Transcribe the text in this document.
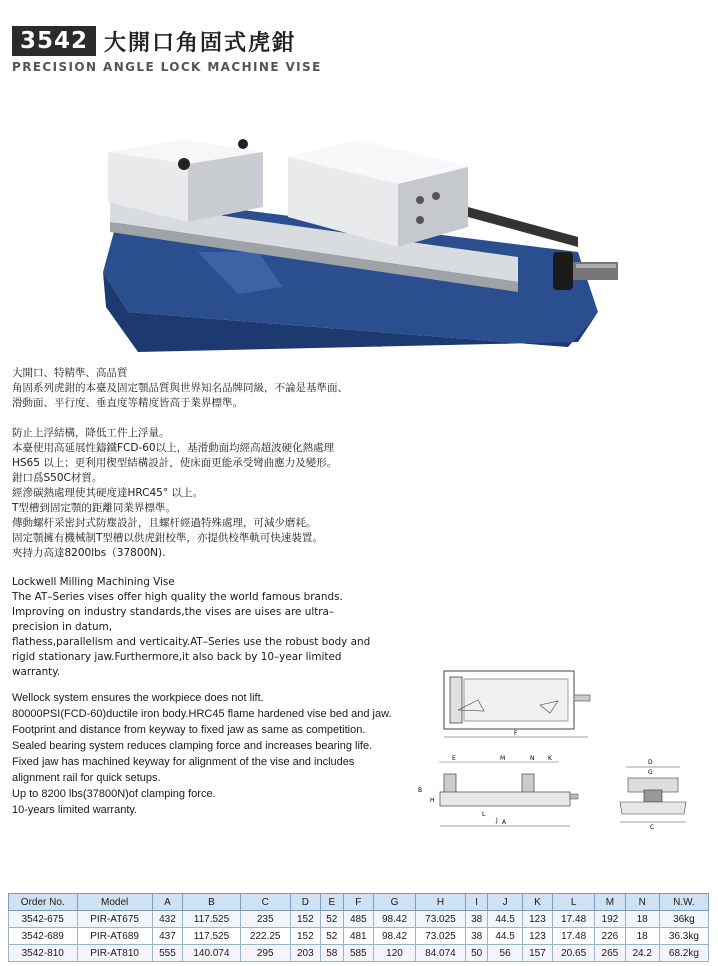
3542 大開口角固式虎鉗
PRECISION ANGLE LOCK MACHINE VISE
大開口、特精準、高品質
角固系列虎鉗的本臺及固定顎品質與世界知名品牌同級，不論是基準面、
滑動面、平行度、垂直度等精度皆高于業界標準。
防止上浮結構，降低工件上浮量。
本臺使用高延展性鑄鐵FCD-60以上，基滑動面均經高超波硬化熱處理
HS65 以上；更利用楔型結構設計，使床面更能承受彎曲應力及變形。
鉗口爲S50C材質。
經滲碳熱處理使其硬度達HRC45° 以上。
T型槽到固定顎的距離同業界標準。
傳動螺杆采密封式防塵設計，且螺杆經過特殊處理，可減少磨耗。
固定顎擁有機械制T型槽以供虎鉗校準，亦提供校準軌可快速裝置。
夾持力高達8200lbs（37800N).
Lockwell Milling Machining Vise
The AT–Series vises offer high quality the world famous brands.
Improving on industry standards,the vises are uises are ultra–
precision in datum,
flathess,parallelism and verticaity.AT–Series use the robust body and
rigid stationary jaw.Furthermore,it also back by 10–year limited
warranty.
Wellock system ensures the workpiece does not lift.
80000PSI(FCD-60)ductile iron body.HRC45 flame hardened vise bed and jaw.
Footprint and distance from keyway to fixed jaw as same as competition.
Sealed bearing system reduces clamping force and increases bearing life.
Fixed jaw has machined keyway for alignment of the vise and includes alignment rail for quick setups.
Up to 8200 lbs(37800N)of clamping force.
10-years limited warranty.
F
E	M	N K
B
H
L
J A
D
G
C
Order No.	Model	A	B	C	D	E	F	G	H	I	J	K	L	M	N	N.W.
3542-675	PIR-AT675	432	117.525	235	152	52	485	98.42	73.025	38	44.5	123	17.48	192	18	36kg
3542-689	PIR-AT689	437	117.525	222.25	152	52	481	98.42	73.025	38	44.5	123	17.48	226	18	36.3kg
3542-810	PIR-AT810	555	140.074	295	203	58	585	120	84.074	50	56	157	20.65	265	24.2	68.2kg
